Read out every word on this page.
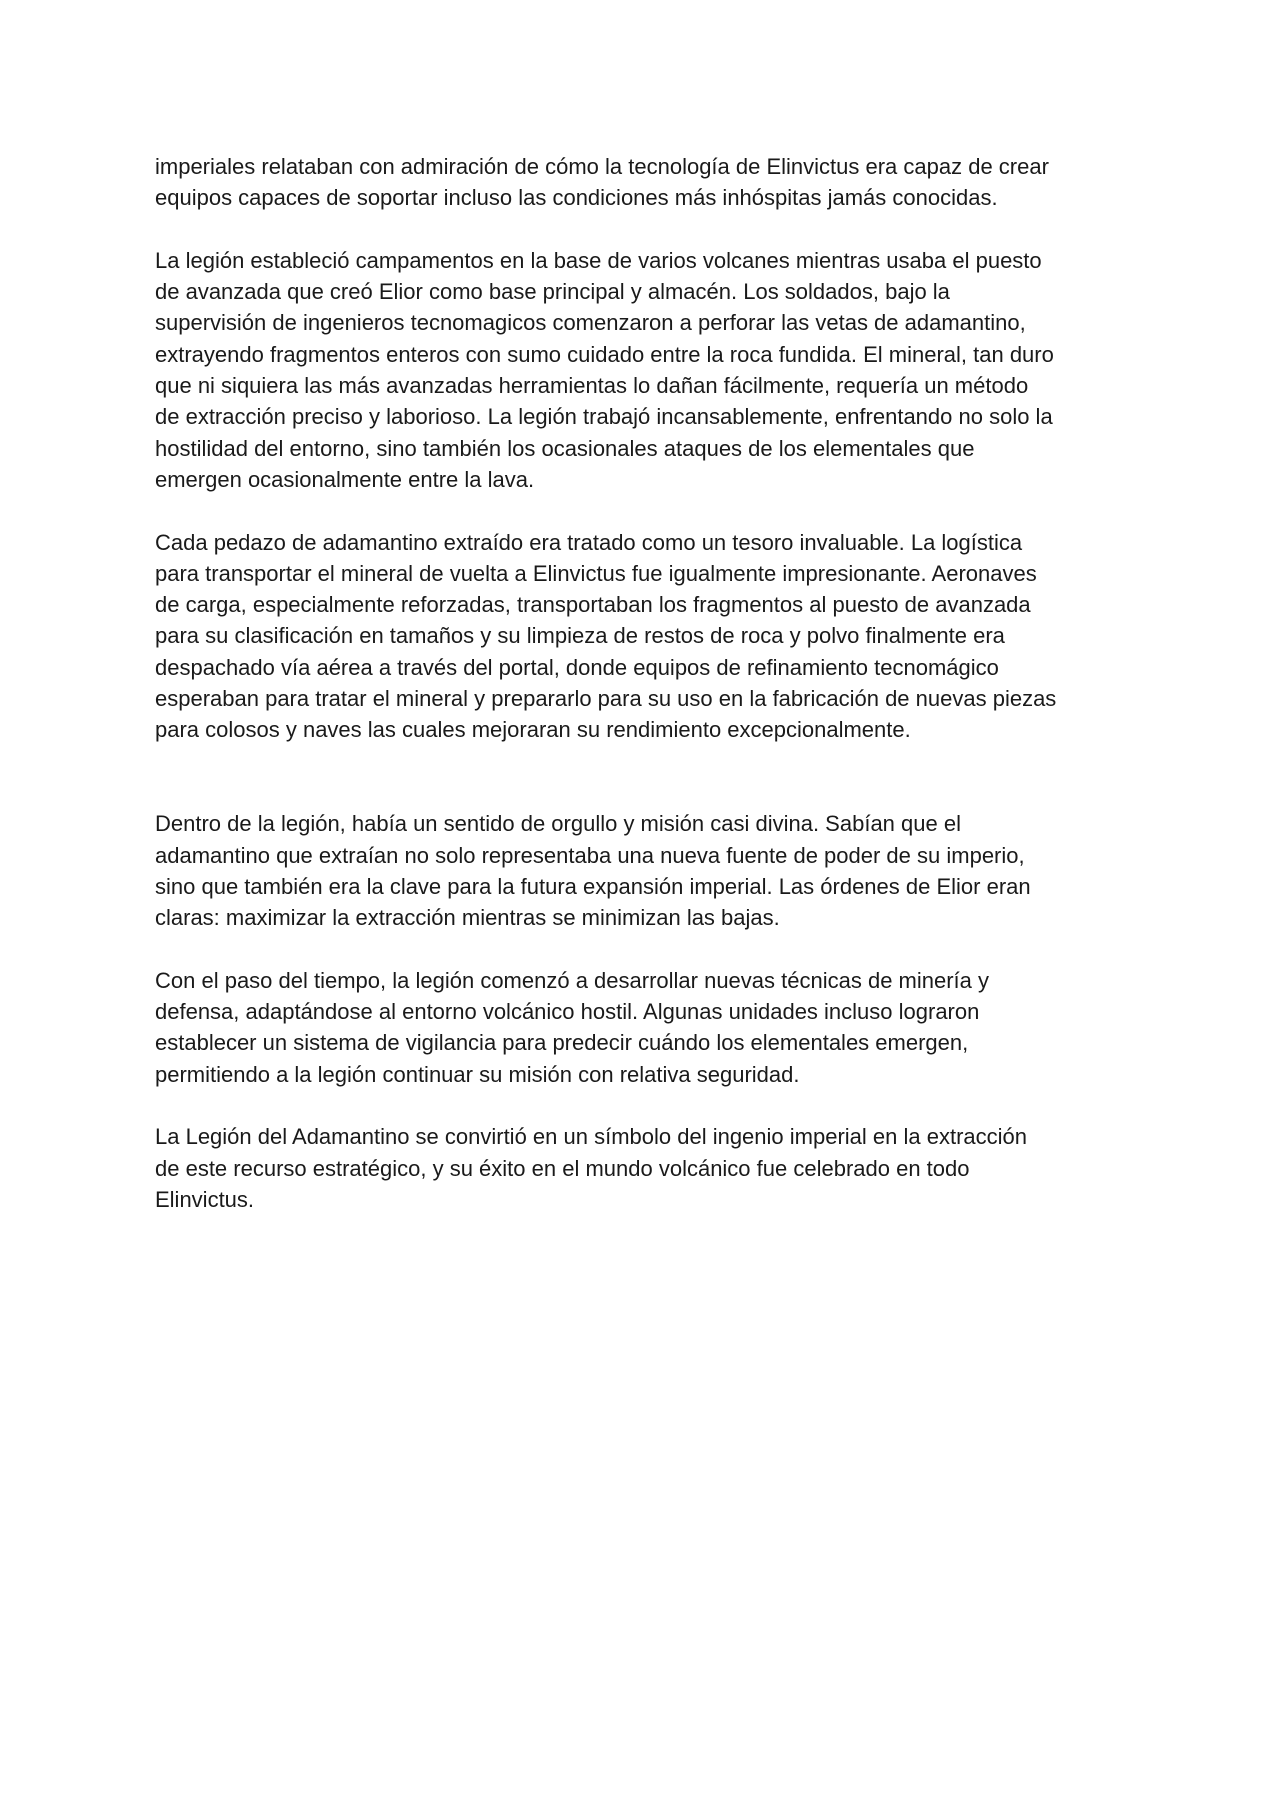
imperiales relataban con admiración de cómo la tecnología de Elinvictus era capaz de crear
equipos capaces de soportar incluso las condiciones más inhóspitas jamás conocidas.

La legión estableció campamentos en la base de varios volcanes mientras usaba el puesto
de avanzada que creó Elior como base principal y almacén. Los soldados, bajo la
supervisión de ingenieros tecnomagicos comenzaron a perforar las vetas de adamantino,
extrayendo fragmentos enteros con sumo cuidado entre la roca fundida. El mineral, tan duro
que ni siquiera las más avanzadas herramientas lo dañan fácilmente, requería un método
de extracción preciso y laborioso. La legión trabajó incansablemente, enfrentando no solo la
hostilidad del entorno, sino también los ocasionales ataques de los elementales que
emergen ocasionalmente entre la lava.

Cada pedazo de adamantino extraído era tratado como un tesoro invaluable. La logística
para transportar el mineral de vuelta a Elinvictus fue igualmente impresionante. Aeronaves
de carga, especialmente reforzadas, transportaban los fragmentos al puesto de avanzada
para su clasificación en tamaños y su limpieza de restos de roca y polvo finalmente era
despachado vía aérea a través del portal, donde equipos de refinamiento tecnomágico
esperaban para tratar el mineral y prepararlo para su uso en la fabricación de nuevas piezas
para colosos y naves las cuales mejoraran su rendimiento excepcionalmente.

Dentro de la legión, había un sentido de orgullo y misión casi divina. Sabían que el
adamantino que extraían no solo representaba una nueva fuente de poder de su imperio,
sino que también era la clave para la futura expansión imperial. Las órdenes de Elior eran
claras: maximizar la extracción mientras se minimizan las bajas.

Con el paso del tiempo, la legión comenzó a desarrollar nuevas técnicas de minería y
defensa, adaptándose al entorno volcánico hostil. Algunas unidades incluso lograron
establecer un sistema de vigilancia para predecir cuándo los elementales emergen,
permitiendo a la legión continuar su misión con relativa seguridad.

La Legión del Adamantino se convirtió en un símbolo del ingenio imperial en la extracción
de este recurso estratégico, y su éxito en el mundo volcánico fue celebrado en todo
Elinvictus.
